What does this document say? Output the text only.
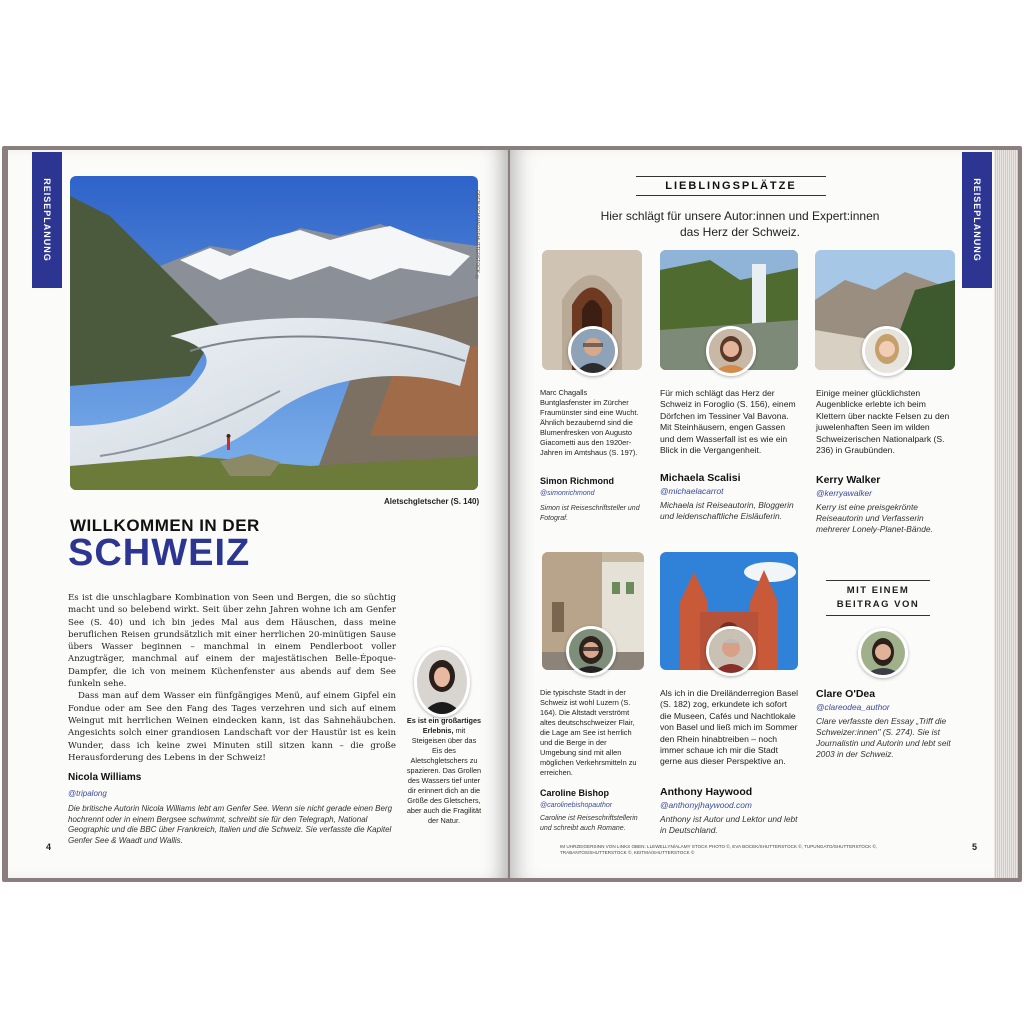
REISEPLANUNG	ODEN SCHWARZ/SHUTTERSTOCK ©
Aletschgletscher (S. 140)
WILLKOMMEN IN DER
SCHWEIZ
Es ist die unschlagbare Kombination von Seen und Bergen, die so süchtig macht und so belebend wirkt. Seit über zehn Jahren wohne ich am Genfer See (S. 40) und ich bin jedes Mal aus dem Häuschen, dass meine beruflichen Reisen grundsätzlich mit einer herrlichen 20-minütigen Sause übers Wasser beginnen – manchmal in einem Pendlerboot voller Anzugträger, manchmal auf einem der majestätischen Belle-Époque-Dampfer, die ich von meinem Küchenfenster aus abends auf dem See funkeln sehe.
Dass man auf dem Wasser ein fünfgängiges Menü, auf einem Gipfel ein Fondue oder am See den Fang des Tages verzehren und sich auf einem Weingut mit herrlichen Weinen eindecken kann, ist das Sahnehäubchen. Angesichts solch einer grandiosen Landschaft vor der Haustür ist es kein Wunder, dass ich keine zwei Minuten still sitzen kann – die große Herausforderung des Lebens in der Schweiz!
Nicola Williams
@tripalong
Die britische Autorin Nicola Williams lebt am Genfer See. Wenn sie nicht gerade einen Berg hochrennt oder in einem Bergsee schwimmt, schreibt sie für den Telegraph, National Geographic und die BBC über Frankreich, Italien und die Schweiz. Sie verfasste die Kapitel Genfer See & Waadt und Wallis.
Es ist ein großartiges Erlebnis, mit Steigeisen über das Eis des Aletschgletschers zu spazieren. Das Grollen des Wassers tief unter dir erinnert dich an die Größe des Gletschers, aber auch die Fragilität der Natur.
4
REISEPLANUNG
LIEBLINGSPLÄTZE
Hier schlägt für unsere Autor:innen und Expert:innen
das Herz der Schweiz.
Marc Chagalls Buntglasfenster im Zürcher Fraumünster sind eine Wucht. Ähnlich bezaubernd sind die Blumenfresken von Augusto Giacometti aus den 1920er-Jahren im Amtshaus (S. 197).
Simon Richmond
@simonrichmond
Simon ist Reiseschriftsteller und Fotograf.
Für mich schlägt das Herz der Schweiz in Foroglio (S. 156), einem Dörfchen im Tessiner Val Bavona. Mit Steinhäusern, engen Gassen und dem Wasserfall ist es wie ein Blick in die Vergangenheit.
Michaela Scalisi
@michaelacarrot
Michaela ist Reiseautorin, Bloggerin und leidenschaftliche Eisläuferin.
Einige meiner glücklichsten Augenblicke erlebte ich beim Klettern über nackte Felsen zu den juwelenhaften Seen im wilden Schweizerischen Nationalpark (S. 236) in Graubünden.
Kerry Walker
@kerryawalker
Kerry ist eine preisgekrönte Reiseautorin und Verfasserin mehrerer Lonely-Planet-Bände.
Die typischste Stadt in der Schweiz ist wohl Luzern (S. 164). Die Altstadt verströmt altes deutschschweizer Flair, die Lage am See ist herrlich und die Berge in der Umgebung sind mit allen möglichen Verkehrsmitteln zu erreichen.
Caroline Bishop
@carolinebishopauthor
Caroline ist Reiseschriftstellerin und schreibt auch Romane.
Als ich in die Dreiländerregion Basel (S. 182) zog, erkundete ich sofort die Museen, Cafés und Nachtlokale von Basel und ließ mich im Sommer den Rhein hinabtreiben – noch immer schaue ich mir die Stadt gerne aus dieser Perspektive an.
Anthony Haywood
@anthonyjhaywood.com
Anthony ist Autor und Lektor und lebt in Deutschland.
MIT EINEM
BEITRAG VON
Clare O'Dea
@clareodea_author
Clare verfasste den Essay „Triff die Schweizer:innen" (S. 274). Sie ist Journalistin und Autorin und lebt seit 2003 in der Schweiz.
IM UHRZEIGERSINN VON LINKS OBEN: LLEWELLYN/ALAMY STOCK PHOTO ©, EVA BOCEK/SHUTTERSTOCK ©, TUPUNGATO/SHUTTERSTOCK ©, TRABANTOS/SHUTTERSTOCK ©, KEITMA/SHUTTERSTOCK ©
5
